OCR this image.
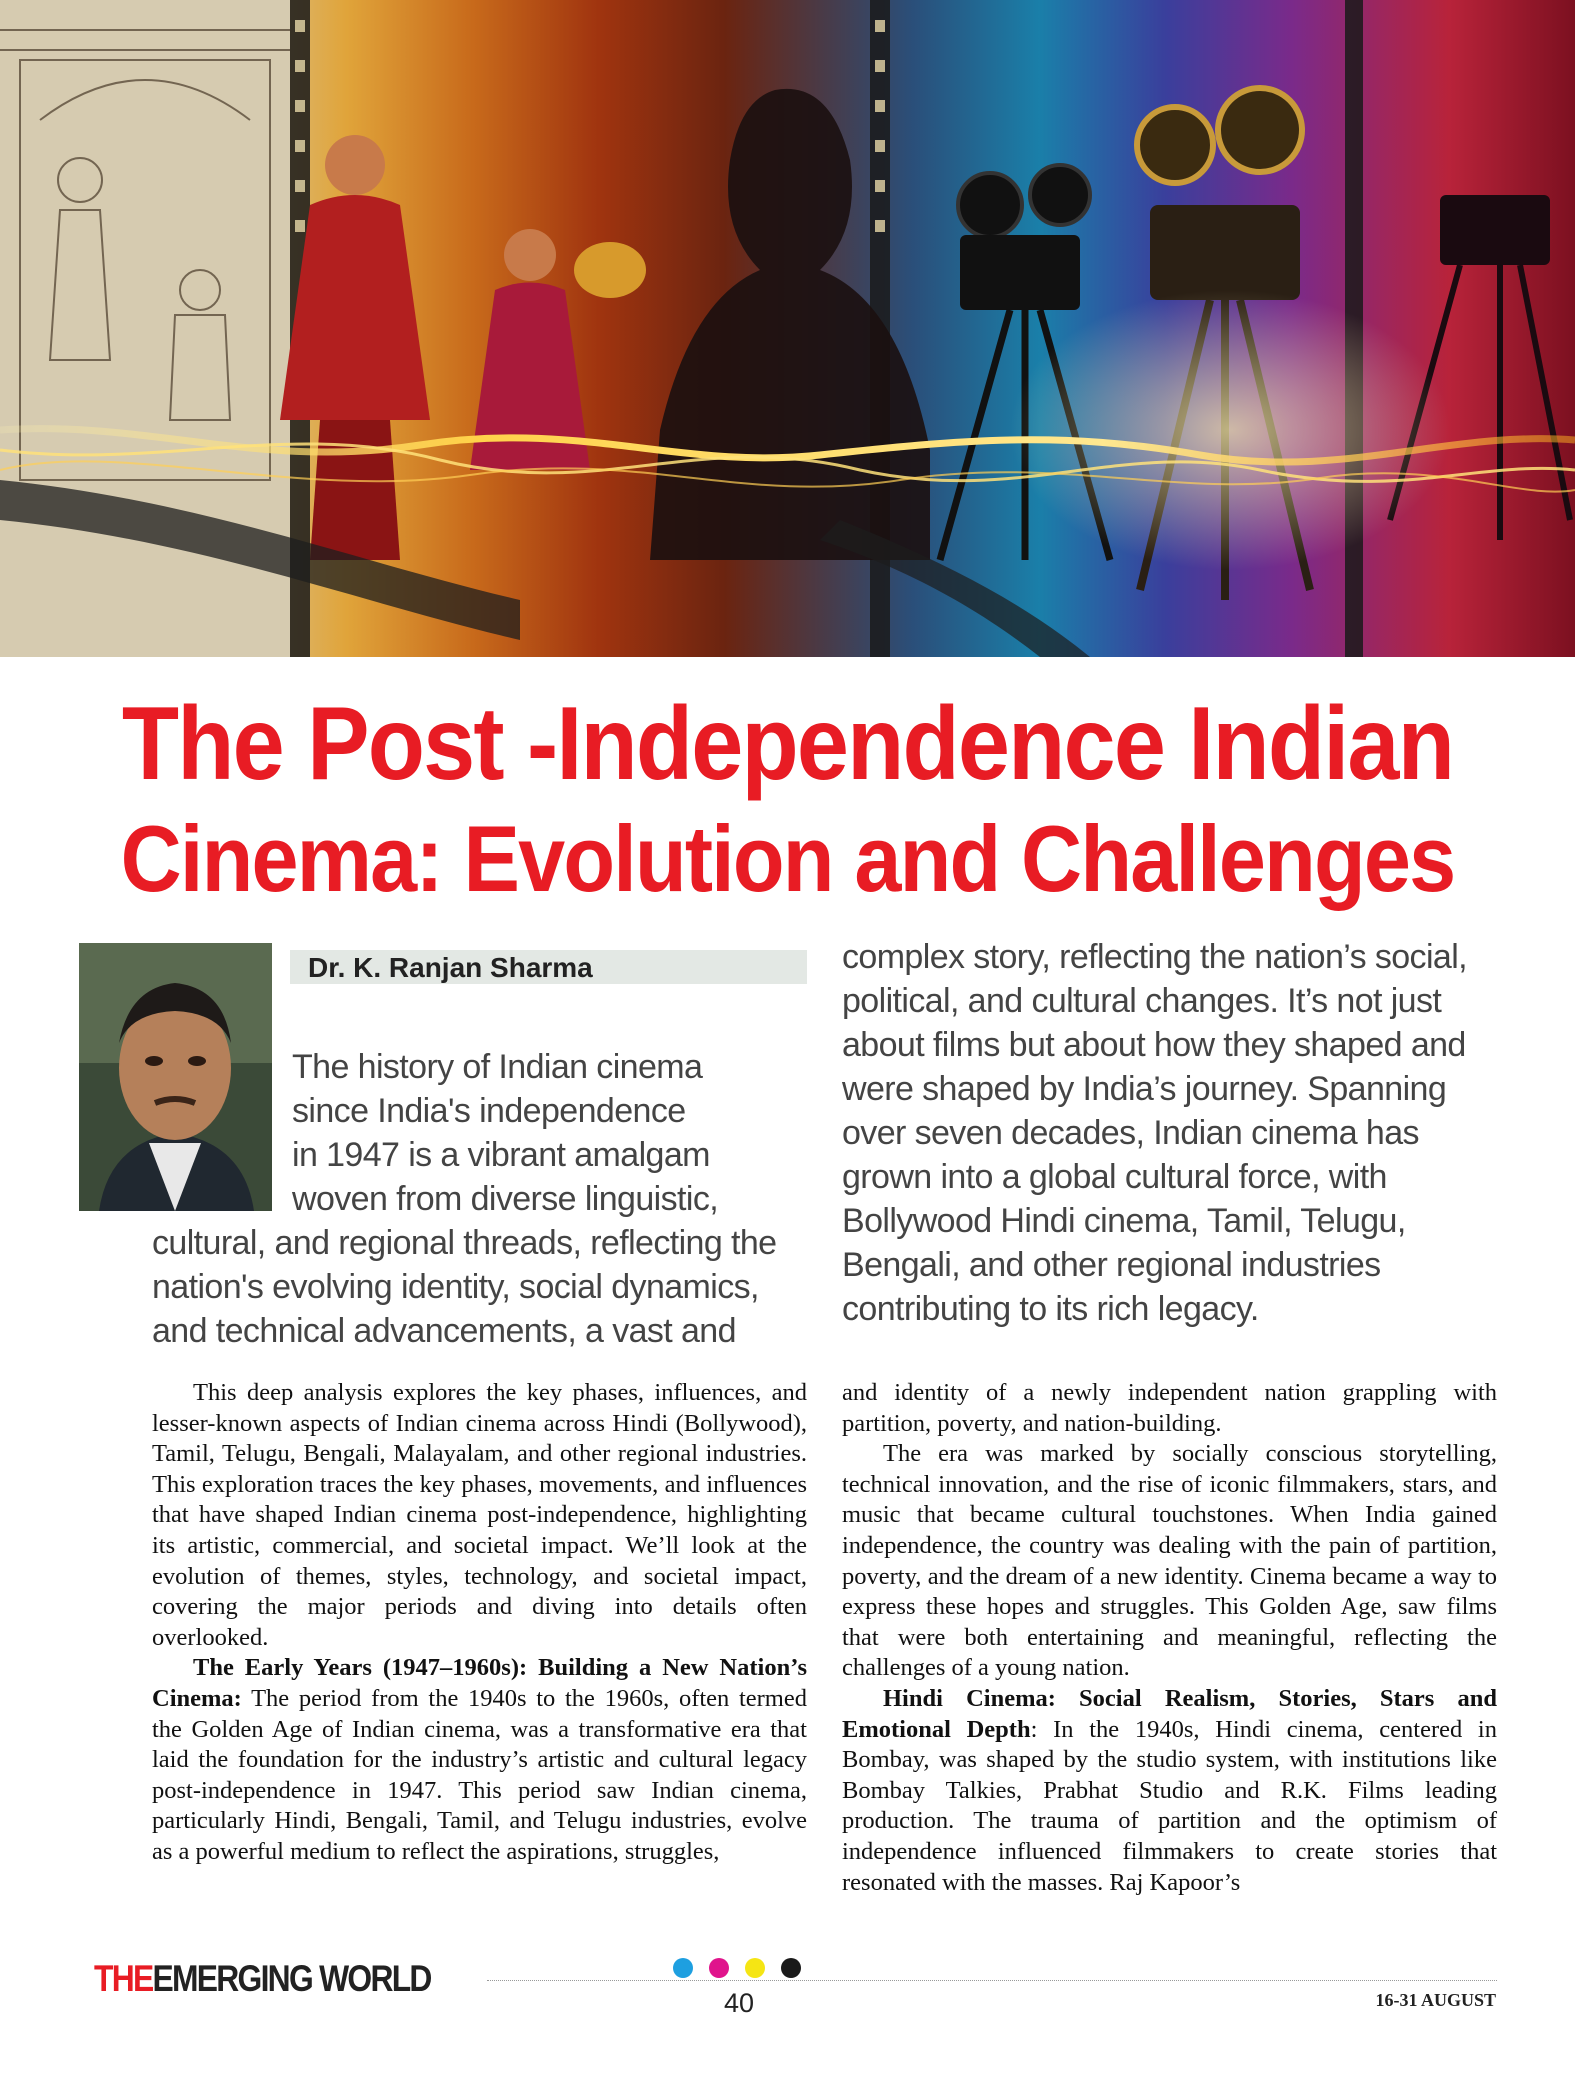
The Post -Independence Indian
Cinema: Evolution and Challenges

Dr. K. Ranjan Sharma

The history of Indian cinema
since India's independence
in 1947 is a vibrant amalgam
woven from diverse linguistic,
cultural, and regional threads, reflecting the
nation's evolving identity, social dynamics,
and technical advancements, a vast and
complex story, reflecting the nation’s social,
political, and cultural changes. It’s not just
about films but about how they shaped and
were shaped by India’s journey. Spanning
over seven decades, Indian cinema has
grown into a global cultural force, with
Bollywood Hindi cinema, Tamil, Telugu,
Bengali, and other regional industries
contributing to its rich legacy.

This deep analysis explores the key phases, influences, and lesser-known aspects of Indian cinema across Hindi (Bollywood), Tamil, Telugu, Bengali, Malayalam, and other regional industries. This exploration traces the key phases, movements, and influences that have shaped Indian cinema post-independence, highlighting its artistic, commercial, and societal impact. We’ll look at the evolution of themes, styles, technology, and societal impact, covering the major periods and diving into details often overlooked.

The Early Years (1947–1960s): Building a New Nation’s Cinema: The period from the 1940s to the 1960s, often termed the Golden Age of Indian cinema, was a transformative era that laid the foundation for the industry’s artistic and cultural legacy post-independence in 1947. This period saw Indian cinema, particularly Hindi, Bengali, Tamil, and Telugu industries, evolve as a powerful medium to reflect the aspirations, struggles,

and identity of a newly independent nation grappling with partition, poverty, and nation-building.

The era was marked by socially conscious storytelling, technical innovation, and the rise of iconic filmmakers, stars, and music that became cultural touchstones. When India gained independence, the country was dealing with the pain of partition, poverty, and the dream of a new identity. Cinema became a way to express these hopes and struggles. This Golden Age, saw films that were both entertaining and meaningful, reflecting the challenges of a young nation.

Hindi Cinema: Social Realism, Stories, Stars and Emotional Depth: In the 1940s, Hindi cinema, centered in Bombay, was shaped by the studio system, with institutions like Bombay Talkies, Prabhat Studio and R.K. Films leading production. The trauma of partition and the optimism of independence influenced filmmakers to create stories that resonated with the masses. Raj Kapoor’s

THEEMERGING WORLD
40	16-31 AUGUST
